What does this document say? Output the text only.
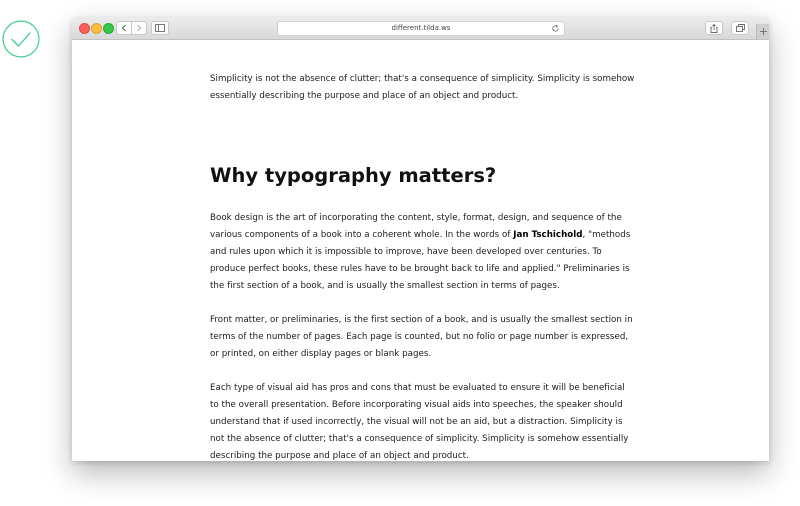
different.tilda.ws	+

Simplicity is not the absence of clutter; that's a consequence of simplicity. Simplicity is somehow essentially describing the purpose and place of an object and product.

Why typography matters?

Book design is the art of incorporating the content, style, format, design, and sequence of the various components of a book into a coherent whole. In the words of Jan Tschichold, "methods and rules upon which it is impossible to improve, have been developed over centuries. To produce perfect books, these rules have to be brought back to life and applied." Preliminaries is the first section of a book, and is usually the smallest section in terms of pages.

Front matter, or preliminaries, is the first section of a book, and is usually the smallest section in terms of the number of pages. Each page is counted, but no folio or page number is expressed, or printed, on either display pages or blank pages.

Each type of visual aid has pros and cons that must be evaluated to ensure it will be beneficial to the overall presentation. Before incorporating visual aids into speeches, the speaker should understand that if used incorrectly, the visual will not be an aid, but a distraction. Simplicity is not the absence of clutter; that's a consequence of simplicity. Simplicity is somehow essentially describing the purpose and place of an object and product.
